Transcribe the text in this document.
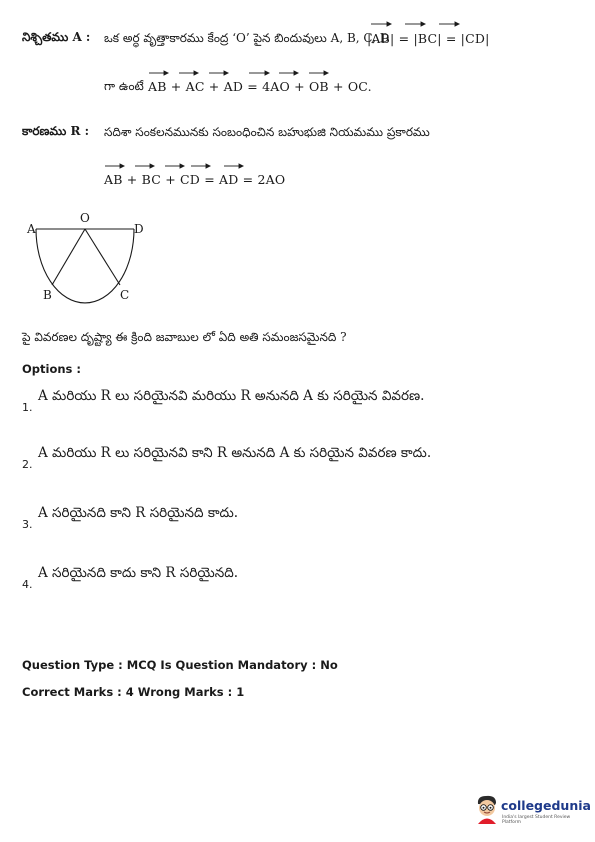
నిశ్చితము A : ఒక అర్ధ వృత్తాకారము కేంద్ర ‘O’ పైన బిందువులు A, B, C, D
|AB| = |BC| = |CD|
గా ఉంటే AB + AC + AD = 4AO + OB + OC.
కారణము R : సదిశా సంకలనమునకు సంబంధించిన బహుభుజి నియమము ప్రకారము
AB + BC + CD = AD = 2AO
A
O
D
B	C
పై వివరణల దృష్ట్యా ఈ క్రింది జవాబుల లో ఏది అతి సమంజసమైనది ?
Options :
1.
A మరియు R లు సరియైనవి మరియు R అనునది A కు సరియైన వివరణ.
2.
A మరియు R లు సరియైనవి కాని R అనునది A కు సరియైన వివరణ కాదు.
3.
A సరియైనది కాని R సరియైనది కాదు.
4.
A సరియైనది కాదు కాని R సరియైనది.
Question Type : MCQ Is Question Mandatory : No
Correct Marks : 4 Wrong Marks : 1
collegedunia
India's largest Student Review Platform
